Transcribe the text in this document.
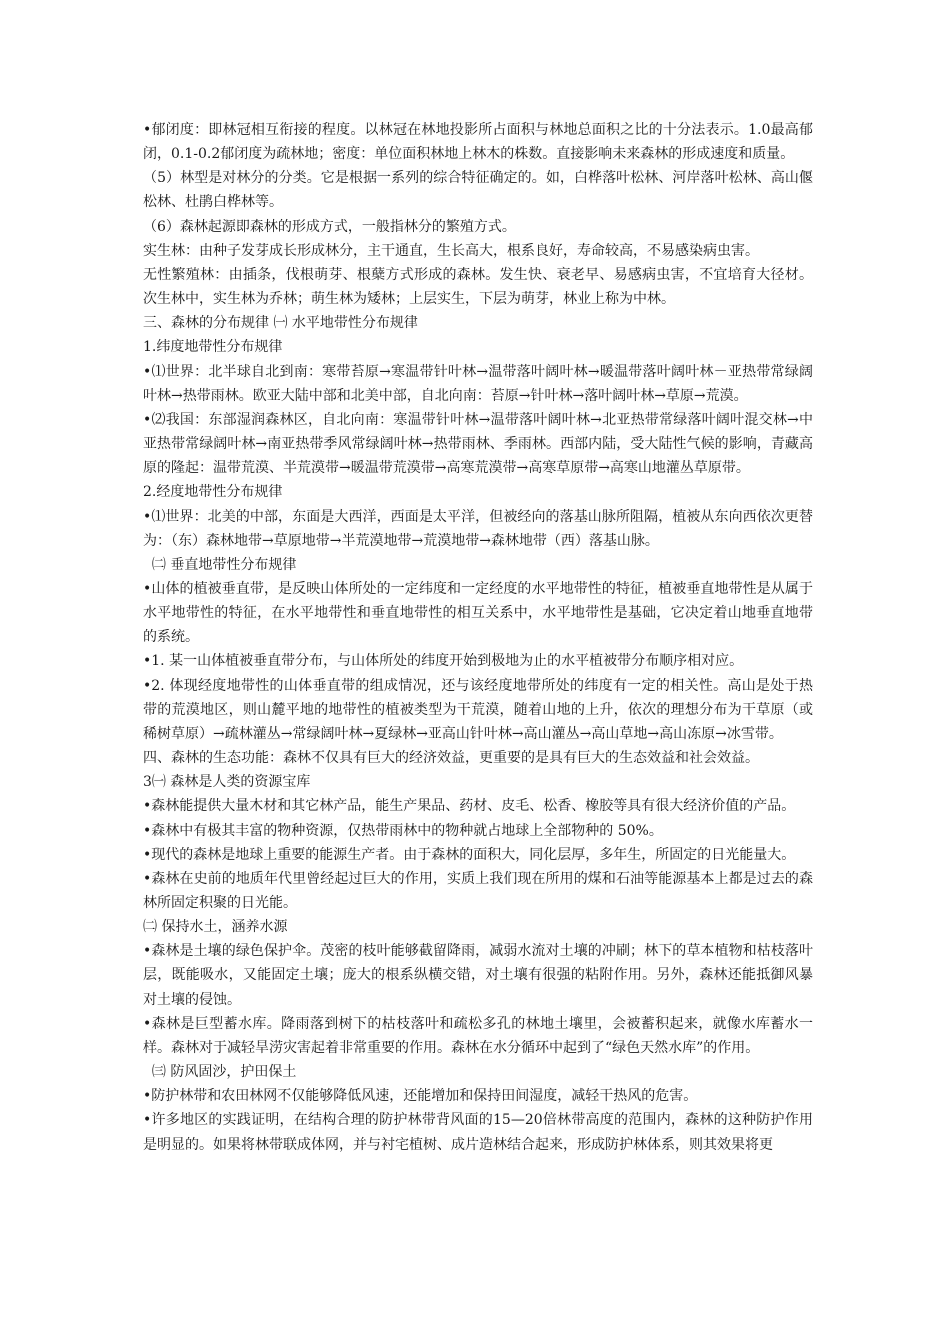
•郁闭度：即林冠相互衔接的程度。以林冠在林地投影所占面积与林地总面积之比的十分法表示。1.0最高郁闭，0.1-0.2郁闭度为疏林地；密度：单位面积林地上林木的株数。直接影响未来森林的形成速度和质量。

（5）林型是对林分的分类。它是根据一系列的综合特征确定的。如，白桦落叶松林、河岸落叶松林、高山偃松林、杜鹃白桦林等。

（6）森林起源即森林的形成方式，一般指林分的繁殖方式。

实生林：由种子发芽成长形成林分，主干通直，生长高大，根系良好，寿命较高，不易感染病虫害。

无性繁殖林：由插条，伐根萌芽、根蘖方式形成的森林。发生快、衰老早、易感病虫害，不宜培育大径材。次生林中，实生林为乔林；萌生林为矮林；上层实生，下层为萌芽，林业上称为中林。

三、森林的分布规律 ㈠ 水平地带性分布规律

1.纬度地带性分布规律

•⑴世界：北半球自北到南：寒带苔原→寒温带针叶林→温带落叶阔叶林→暖温带落叶阔叶林－亚热带常绿阔叶林→热带雨林。欧亚大陆中部和北美中部，自北向南：苔原→针叶林→落叶阔叶林→草原→荒漠。

•⑵我国：东部湿润森林区，自北向南：寒温带针叶林→温带落叶阔叶林→北亚热带常绿落叶阔叶混交林→中亚热带常绿阔叶林→南亚热带季风常绿阔叶林→热带雨林、季雨林。西部内陆，受大陆性气候的影响，青藏高原的隆起：温带荒漠、半荒漠带→暖温带荒漠带→高寒荒漠带→高寒草原带→高寒山地灌丛草原带。

2.经度地带性分布规律

•⑴世界：北美的中部，东面是大西洋，西面是太平洋，但被经向的落基山脉所阻隔，植被从东向西依次更替为：（东）森林地带→草原地带→半荒漠地带→荒漠地带→森林地带（西）落基山脉。

㈡ 垂直地带性分布规律

•山体的植被垂直带，是反映山体所处的一定纬度和一定经度的水平地带性的特征，植被垂直地带性是从属于水平地带性的特征，在水平地带性和垂直地带性的相互关系中，水平地带性是基础，它决定着山地垂直地带的系统。

•1. 某一山体植被垂直带分布，与山体所处的纬度开始到极地为止的水平植被带分布顺序相对应。

•2. 体现经度地带性的山体垂直带的组成情况，还与该经度地带所处的纬度有一定的相关性。高山是处于热带的荒漠地区，则山麓平地的地带性的植被类型为干荒漠，随着山地的上升，依次的理想分布为干草原（或稀树草原）→疏林灌丛→常绿阔叶林→夏绿林→亚高山针叶林→高山灌丛→高山草地→高山冻原→冰雪带。

四、森林的生态功能：森林不仅具有巨大的经济效益，更重要的是具有巨大的生态效益和社会效益。

3㈠ 森林是人类的资源宝库

•森林能提供大量木材和其它林产品，能生产果品、药材、皮毛、松香、橡胶等具有很大经济价值的产品。

•森林中有极其丰富的物种资源，仅热带雨林中的物种就占地球上全部物种的 50%。

•现代的森林是地球上重要的能源生产者。由于森林的面积大，同化层厚，多年生，所固定的日光能量大。

•森林在史前的地质年代里曾经起过巨大的作用，实质上我们现在所用的煤和石油等能源基本上都是过去的森林所固定积聚的日光能。

㈡ 保持水土，涵养水源

•森林是土壤的绿色保护伞。茂密的枝叶能够截留降雨，减弱水流对土壤的冲刷；林下的草本植物和枯枝落叶层，既能吸水，又能固定土壤；庞大的根系纵横交错，对土壤有很强的粘附作用。另外，森林还能抵御风暴对土壤的侵蚀。

•森林是巨型蓄水库。降雨落到树下的枯枝落叶和疏松多孔的林地土壤里，会被蓄积起来，就像水库蓄水一样。森林对于减轻旱涝灾害起着非常重要的作用。森林在水分循环中起到了“绿色天然水库”的作用。

㈢ 防风固沙，护田保土

•防护林带和农田林网不仅能够降低风速，还能增加和保持田间湿度，减轻干热风的危害。

•许多地区的实践证明，在结构合理的防护林带背风面的15—20倍林带高度的范围内，森林的这种防护作用是明显的。如果将林带联成体网，并与衬宅植树、成片造林结合起来，形成防护林体系，则其效果将更
